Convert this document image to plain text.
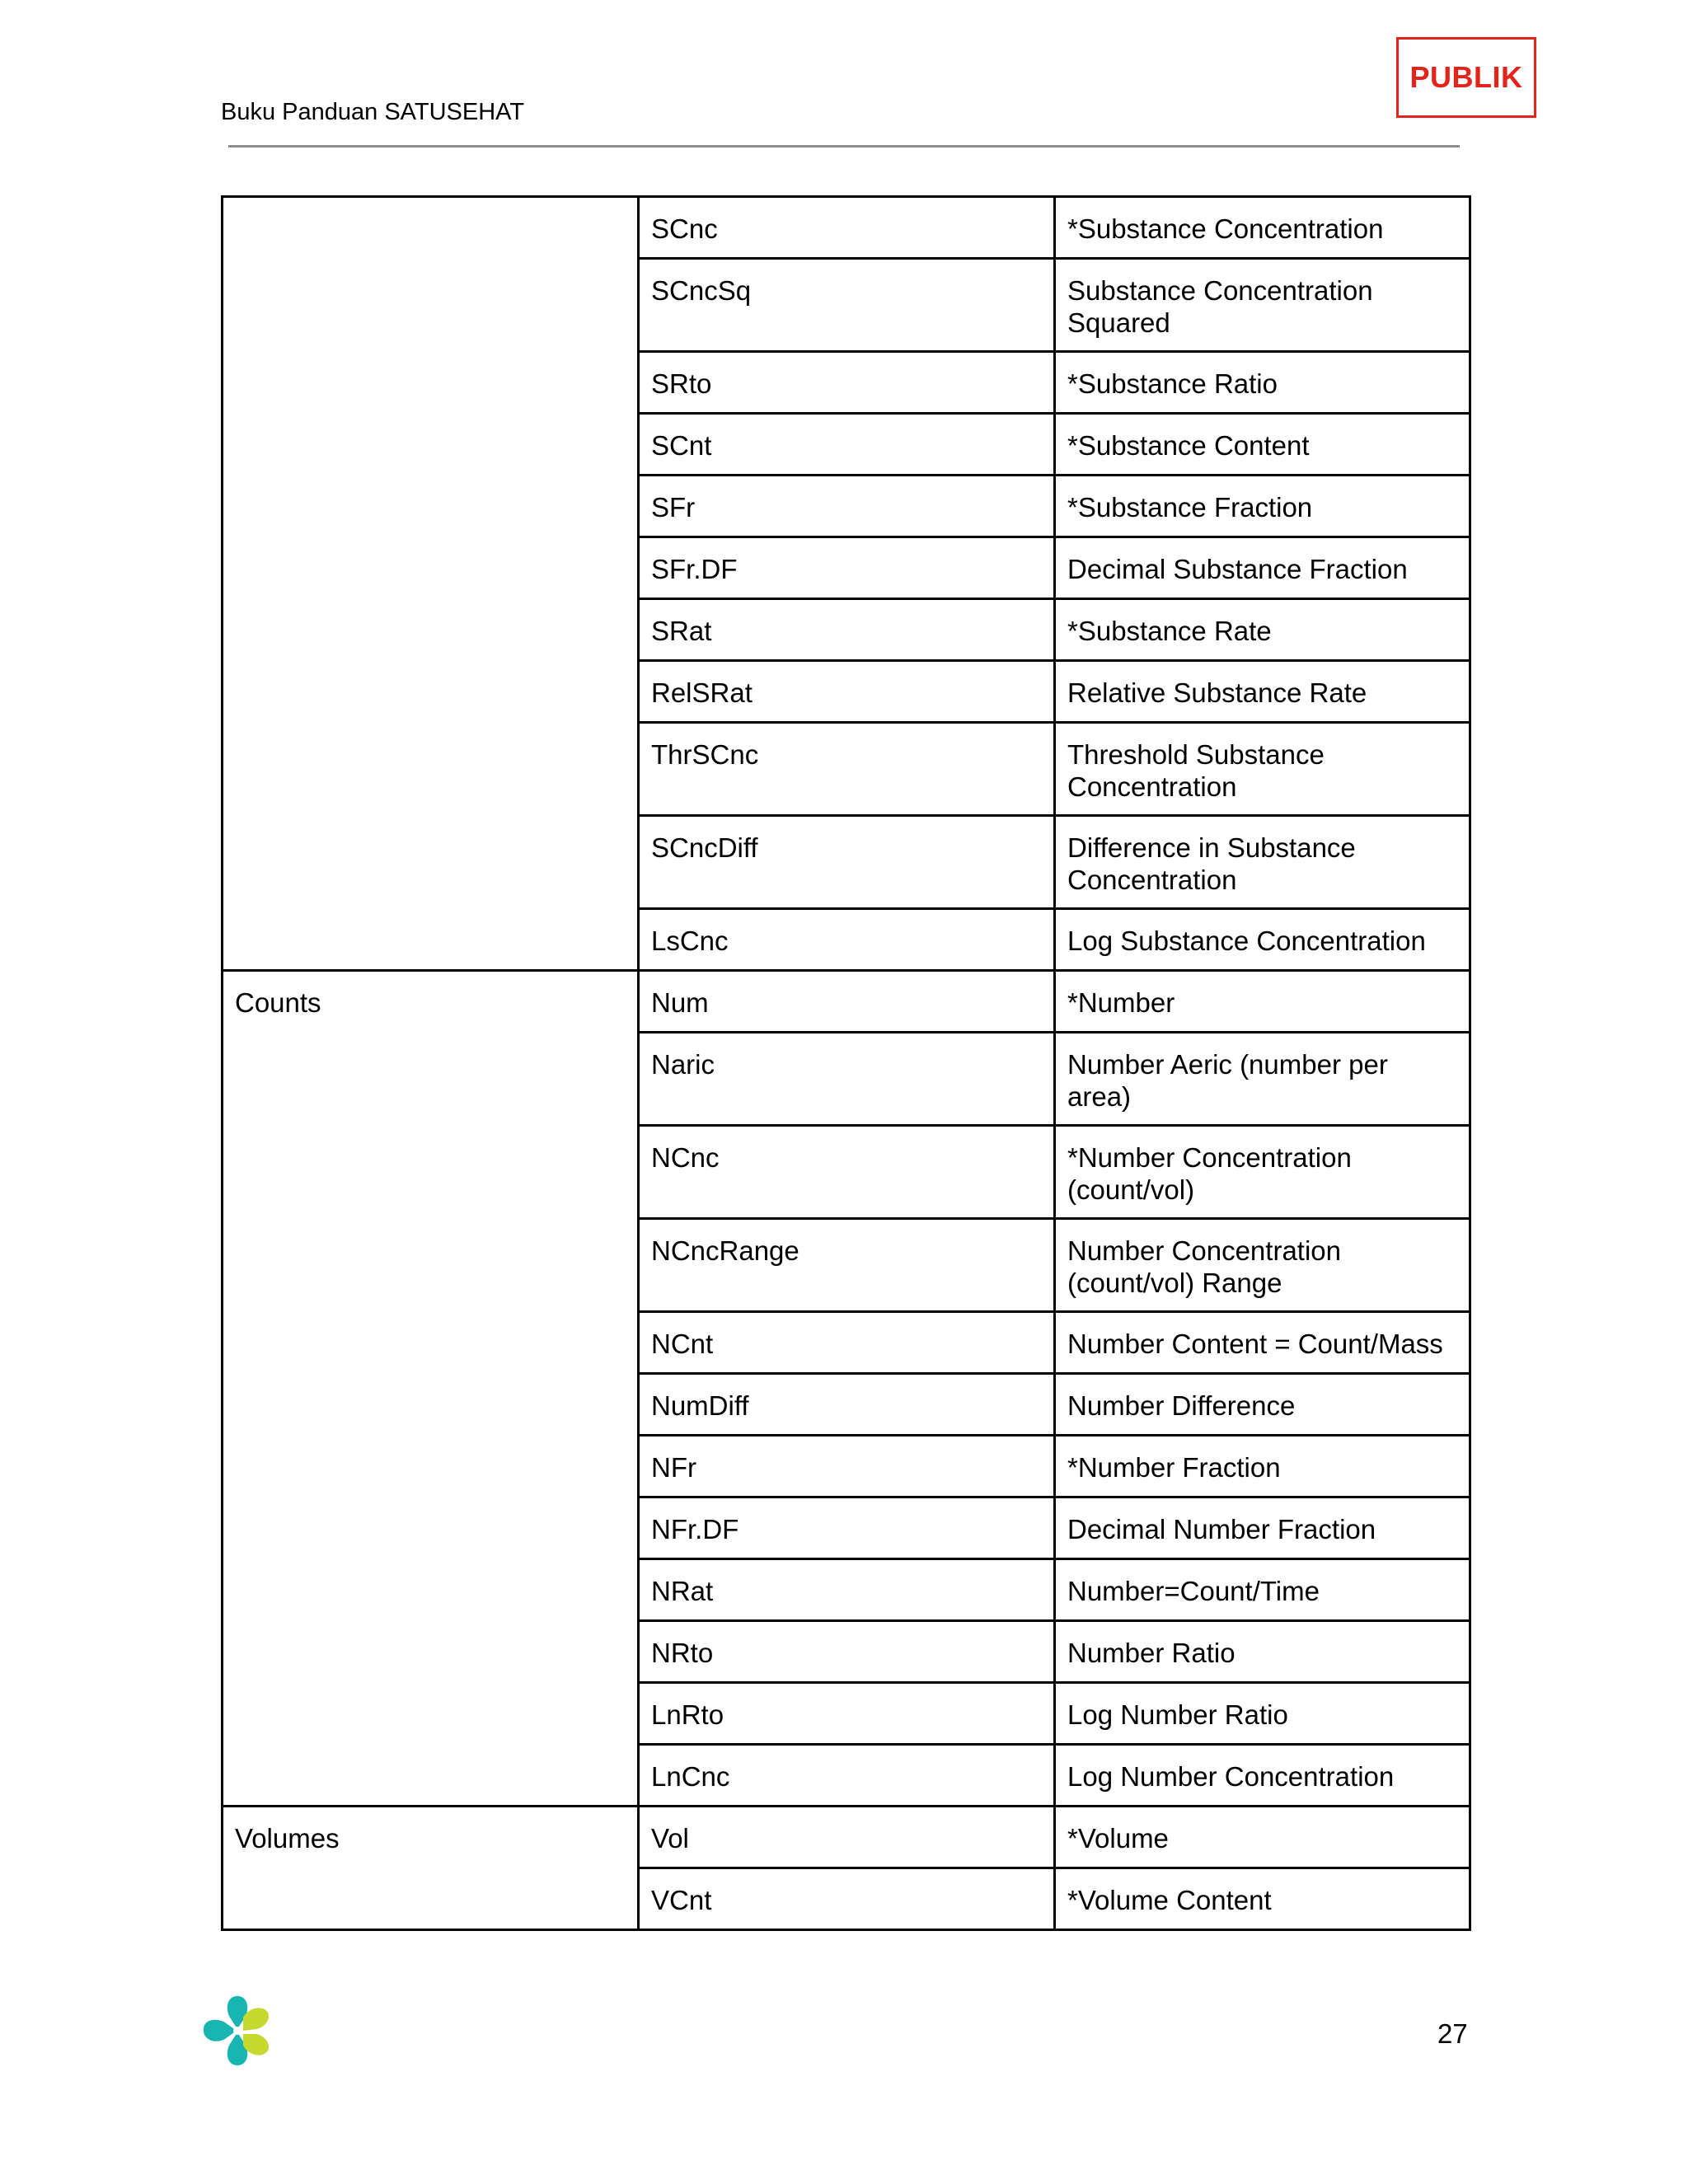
Buku Panduan SATUSEHAT
PUBLIK
	SCnc	*Substance Concentration
	SCncSq	Substance Concentration Squared
	SRto	*Substance Ratio
	SCnt	*Substance Content
	SFr	*Substance Fraction
	SFr.DF	Decimal Substance Fraction
	SRat	*Substance Rate
	RelSRat	Relative Substance Rate
	ThrSCnc	Threshold Substance Concentration
	SCncDiff	Difference in Substance Concentration
	LsCnc	Log Substance Concentration
Counts	Num	*Number
	Naric	Number Aeric (number per area)
	NCnc	*Number Concentration (count/vol)
	NCncRange	Number Concentration (count/vol) Range
	NCnt	Number Content = Count/Mass
	NumDiff	Number Difference
	NFr	*Number Fraction
	NFr.DF	Decimal Number Fraction
	NRat	Number=Count/Time
	NRto	Number Ratio
	LnRto	Log Number Ratio
	LnCnc	Log Number Concentration
Volumes	Vol	*Volume
	VCnt	*Volume Content
27
